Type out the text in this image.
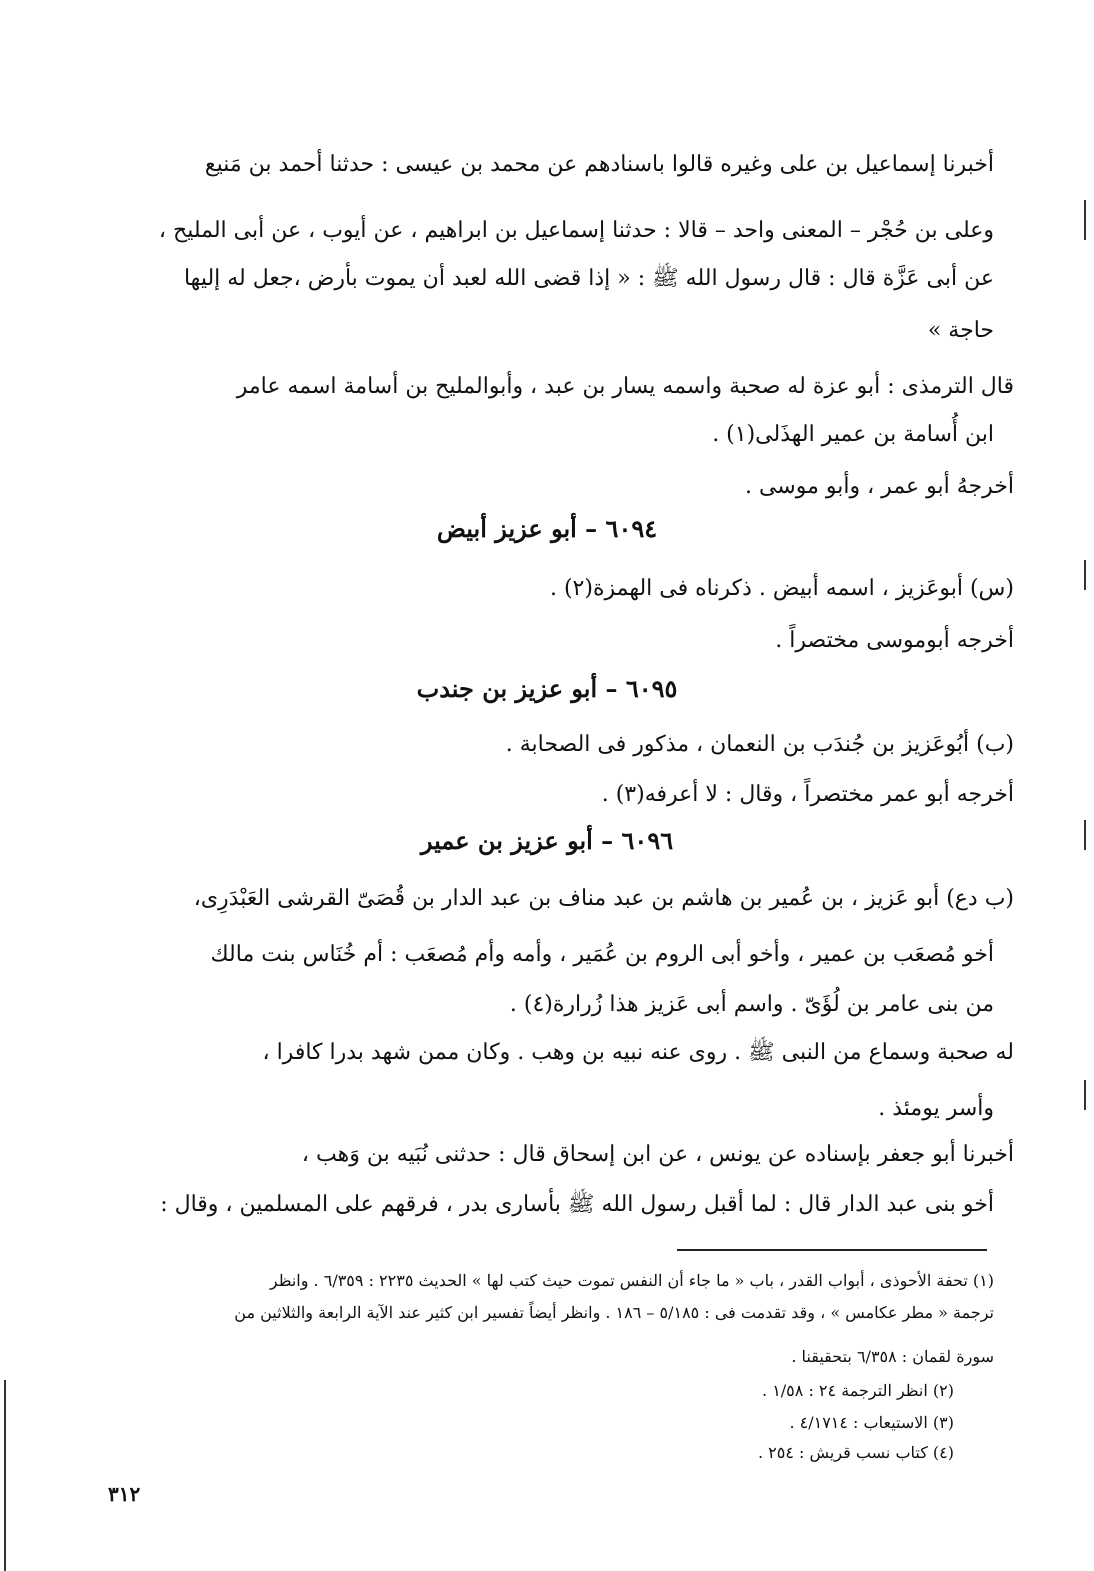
أخبرنا إسماعيل بن على وغيره قالوا باسنادهم عن محمد بن عيسى : حدثنا أحمد بن مَنيع
وعلى بن حُجْر – المعنى واحد – قالا : حدثنا إسماعيل بن ابراهيم ، عن أيوب ، عن أبى المليح ،
عن أبى عَزَّة قال : قال رسول الله ﷺ : « إذا قضى الله لعبد أن يموت بأرض ،جعل له إليها
حاجة »
قال الترمذى : أبو عزة له صحبة واسمه يسار بن عبد ، وأبوالمليح بن أسامة اسمه عامر
ابن أُسامة بن عمير الهذَلى(١) .
أخرجهُ أبو عمر ، وأبو موسى .
٦٠٩٤ – أبو عزيز أبيض
(س) أبوعَزيز ، اسمه أبيض . ذكرناه فى الهمزة(٢) .
أخرجه أبوموسى مختصراً .
٦٠٩٥ – أبو عزيز بن جندب
(ب) أبُوعَزيز بن جُندَب بن النعمان ، مذكور فى الصحابة .
أخرجه أبو عمر مختصراً ، وقال : لا أعرفه(٣) .
٦٠٩٦ – أبو عزيز بن عمير
(ب دع) أبو عَزيز ، بن عُمير بن هاشم بن عبد مناف بن عبد الدار بن قُصَىّ القرشى العَبْدَرِى،
أخو مُصعَب بن عمير ، وأخو أبى الروم بن عُمَير ، وأمه وأم مُصعَب : أم خُنَاس بنت مالك
من بنى عامر بن لُؤَىّ . واسم أبى عَزيز هذا زُرارة(٤) .
له صحبة وسماع من النبى ﷺ . روى عنه نبيه بن وهب . وكان ممن شهد بدرا كافرا ،
وأسر يومئذ .
أخبرنا أبو جعفر بإسناده عن يونس ، عن ابن إسحاق قال : حدثنى نُبَيه بن وَهب ،
أخو بنى عبد الدار قال : لما أقبل رسول الله ﷺ بأسارى بدر ، فرقهم على المسلمين ، وقال :
(١) تحفة الأحوذى ، أبواب القدر ، باب « ما جاء أن النفس تموت حيث كتب لها » الحديث ٢٢٣٥ : ٦/٣٥٩ . وانظر
ترجمة « مطر عكامس » ، وقد تقدمت فى : ٥/١٨٥ – ١٨٦ . وانظر أيضاً تفسير ابن كثير عند الآية الرابعة والثلاثين من
سورة لقمان : ٦/٣٥٨ بتحقيقنا .
(٢) انظر الترجمة ٢٤ : ١/٥٨ .
(٣) الاستيعاب : ٤/١٧١٤ .
(٤) كتاب نسب قريش : ٢٥٤ .
٣١٢
